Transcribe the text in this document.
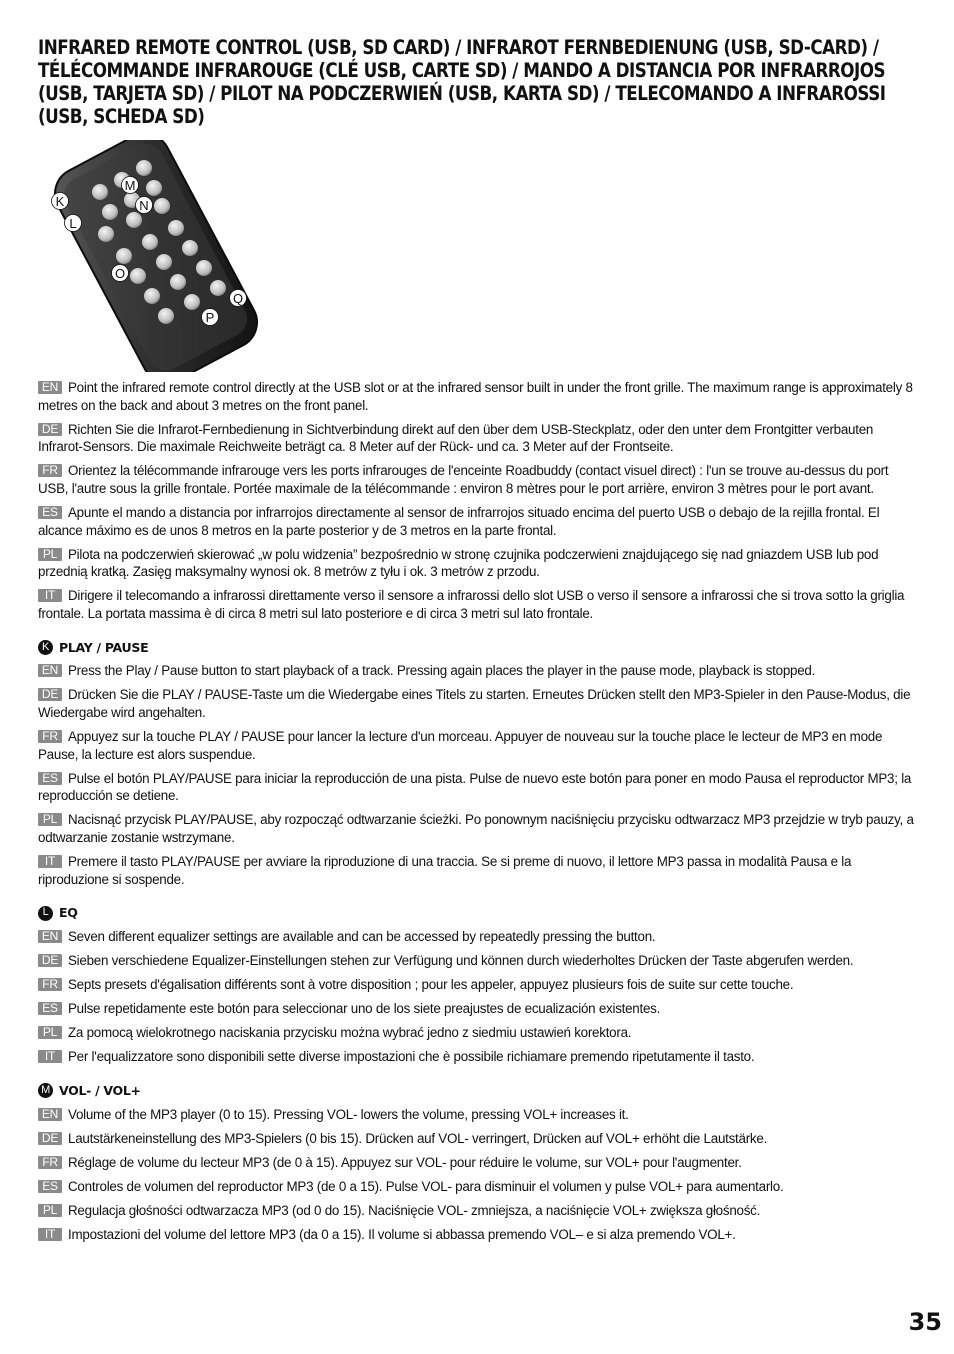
INFRARED REMOTE CONTROL (USB, SD CARD) / INFRAROT FERNBEDIENUNG (USB, SD-CARD) / TÉLÉCOMMANDE INFRAROUGE (CLÉ USB, CARTE SD) / MANDO A DISTANCIA POR INFRARROJOS (USB, TARJETA SD) / PILOT NA PODCZERWIEŃ (USB, KARTA SD) / TELECOMANDO A INFRAROSSI (USB, SCHEDA SD)
M
K	N
L
O
Q
P

EN Point the infrared remote control directly at the USB slot or at the infrared sensor built in under the front grille. The maximum range is approximately 8 metres on the back and about 3 metres on the front panel.

DE Richten Sie die Infrarot-Fernbedienung in Sichtverbindung direkt auf den über dem USB-Steckplatz, oder den unter dem Frontgitter verbauten Infrarot-Sensors. Die maximale Reichweite beträgt ca. 8 Meter auf der Rück- und ca. 3 Meter auf der Frontseite.

FR Orientez la télécommande infrarouge vers les ports infrarouges de l'enceinte Roadbuddy (contact visuel direct) : l'un se trouve au-dessus du port USB, l'autre sous la grille frontale. Portée maximale de la télécommande : environ 8 mètres pour le port arrière, environ 3 mètres pour le port avant.

ES Apunte el mando a distancia por infrarrojos directamente al sensor de infrarrojos situado encima del puerto USB o debajo de la rejilla frontal. El alcance máximo es de unos 8 metros en la parte posterior y de 3 metros en la parte frontal.

PL Pilota na podczerwień skierować „w polu widzenia” bezpośrednio w stronę czujnika podczerwieni znajdującego się nad gniazdem USB lub pod przednią kratką. Zasięg maksymalny wynosi ok. 8 metrów z tyłu i ok. 3 metrów z przodu.

IT Dirigere il telecomando a infrarossi direttamente verso il sensore a infrarossi dello slot USB o verso il sensore a infrarossi che si trova sotto la griglia frontale. La portata massima è di circa 8 metri sul lato posteriore e di circa 3 metri sul lato frontale.

K PLAY / PAUSE

EN Press the Play / Pause button to start playback of a track. Pressing again places the player in the pause mode, playback is stopped.

DE Drücken Sie die PLAY / PAUSE-Taste um die Wiedergabe eines Titels zu starten. Erneutes Drücken stellt den MP3-Spieler in den Pause-Modus, die Wiedergabe wird angehalten.

FR Appuyez sur la touche PLAY / PAUSE pour lancer la lecture d'un morceau. Appuyer de nouveau sur la touche place le lecteur de MP3 en mode Pause, la lecture est alors suspendue.

ES Pulse el botón PLAY/PAUSE para iniciar la reproducción de una pista. Pulse de nuevo este botón para poner en modo Pausa el reproductor MP3; la reproducción se detiene.

PL Nacisnąć przycisk PLAY/PAUSE, aby rozpocząć odtwarzanie ścieżki. Po ponownym naciśnięciu przycisku odtwarzacz MP3 przejdzie w tryb pauzy, a odtwarzanie zostanie wstrzymane.

IT Premere il tasto PLAY/PAUSE per avviare la riproduzione di una traccia. Se si preme di nuovo, il lettore MP3 passa in modalità Pausa e la riproduzione si sospende.

L EQ

EN Seven different equalizer settings are available and can be accessed by repeatedly pressing the button.

DE Sieben verschiedene Equalizer-Einstellungen stehen zur Verfügung und können durch wiederholtes Drücken der Taste abgerufen werden.

FR Septs presets d'égalisation différents sont à votre disposition ; pour les appeler, appuyez plusieurs fois de suite sur cette touche.

ES Pulse repetidamente este botón para seleccionar uno de los siete preajustes de ecualización existentes.

PL Za pomocą wielokrotnego naciskania przycisku można wybrać jedno z siedmiu ustawień korektora.

IT Per l'equalizzatore sono disponibili sette diverse impostazioni che è possibile richiamare premendo ripetutamente il tasto.

M VOL- / VOL+

EN Volume of the MP3 player (0 to 15). Pressing VOL- lowers the volume, pressing VOL+ increases it.

DE Lautstärkeneinstellung des MP3-Spielers (0 bis 15). Drücken auf VOL- verringert, Drücken auf VOL+ erhöht die Lautstärke.

FR Réglage de volume du lecteur MP3 (de 0 à 15). Appuyez sur VOL- pour réduire le volume, sur VOL+ pour l'augmenter.

ES Controles de volumen del reproductor MP3 (de 0 a 15). Pulse VOL- para disminuir el volumen y pulse VOL+ para aumentarlo.

PL Regulacja głośności odtwarzacza MP3 (od 0 do 15). Naciśnięcie VOL- zmniejsza, a naciśnięcie VOL+ zwiększa głośność.

IT Impostazioni del volume del lettore MP3 (da 0 a 15). Il volume si abbassa premendo VOL– e si alza premendo VOL+.

35
